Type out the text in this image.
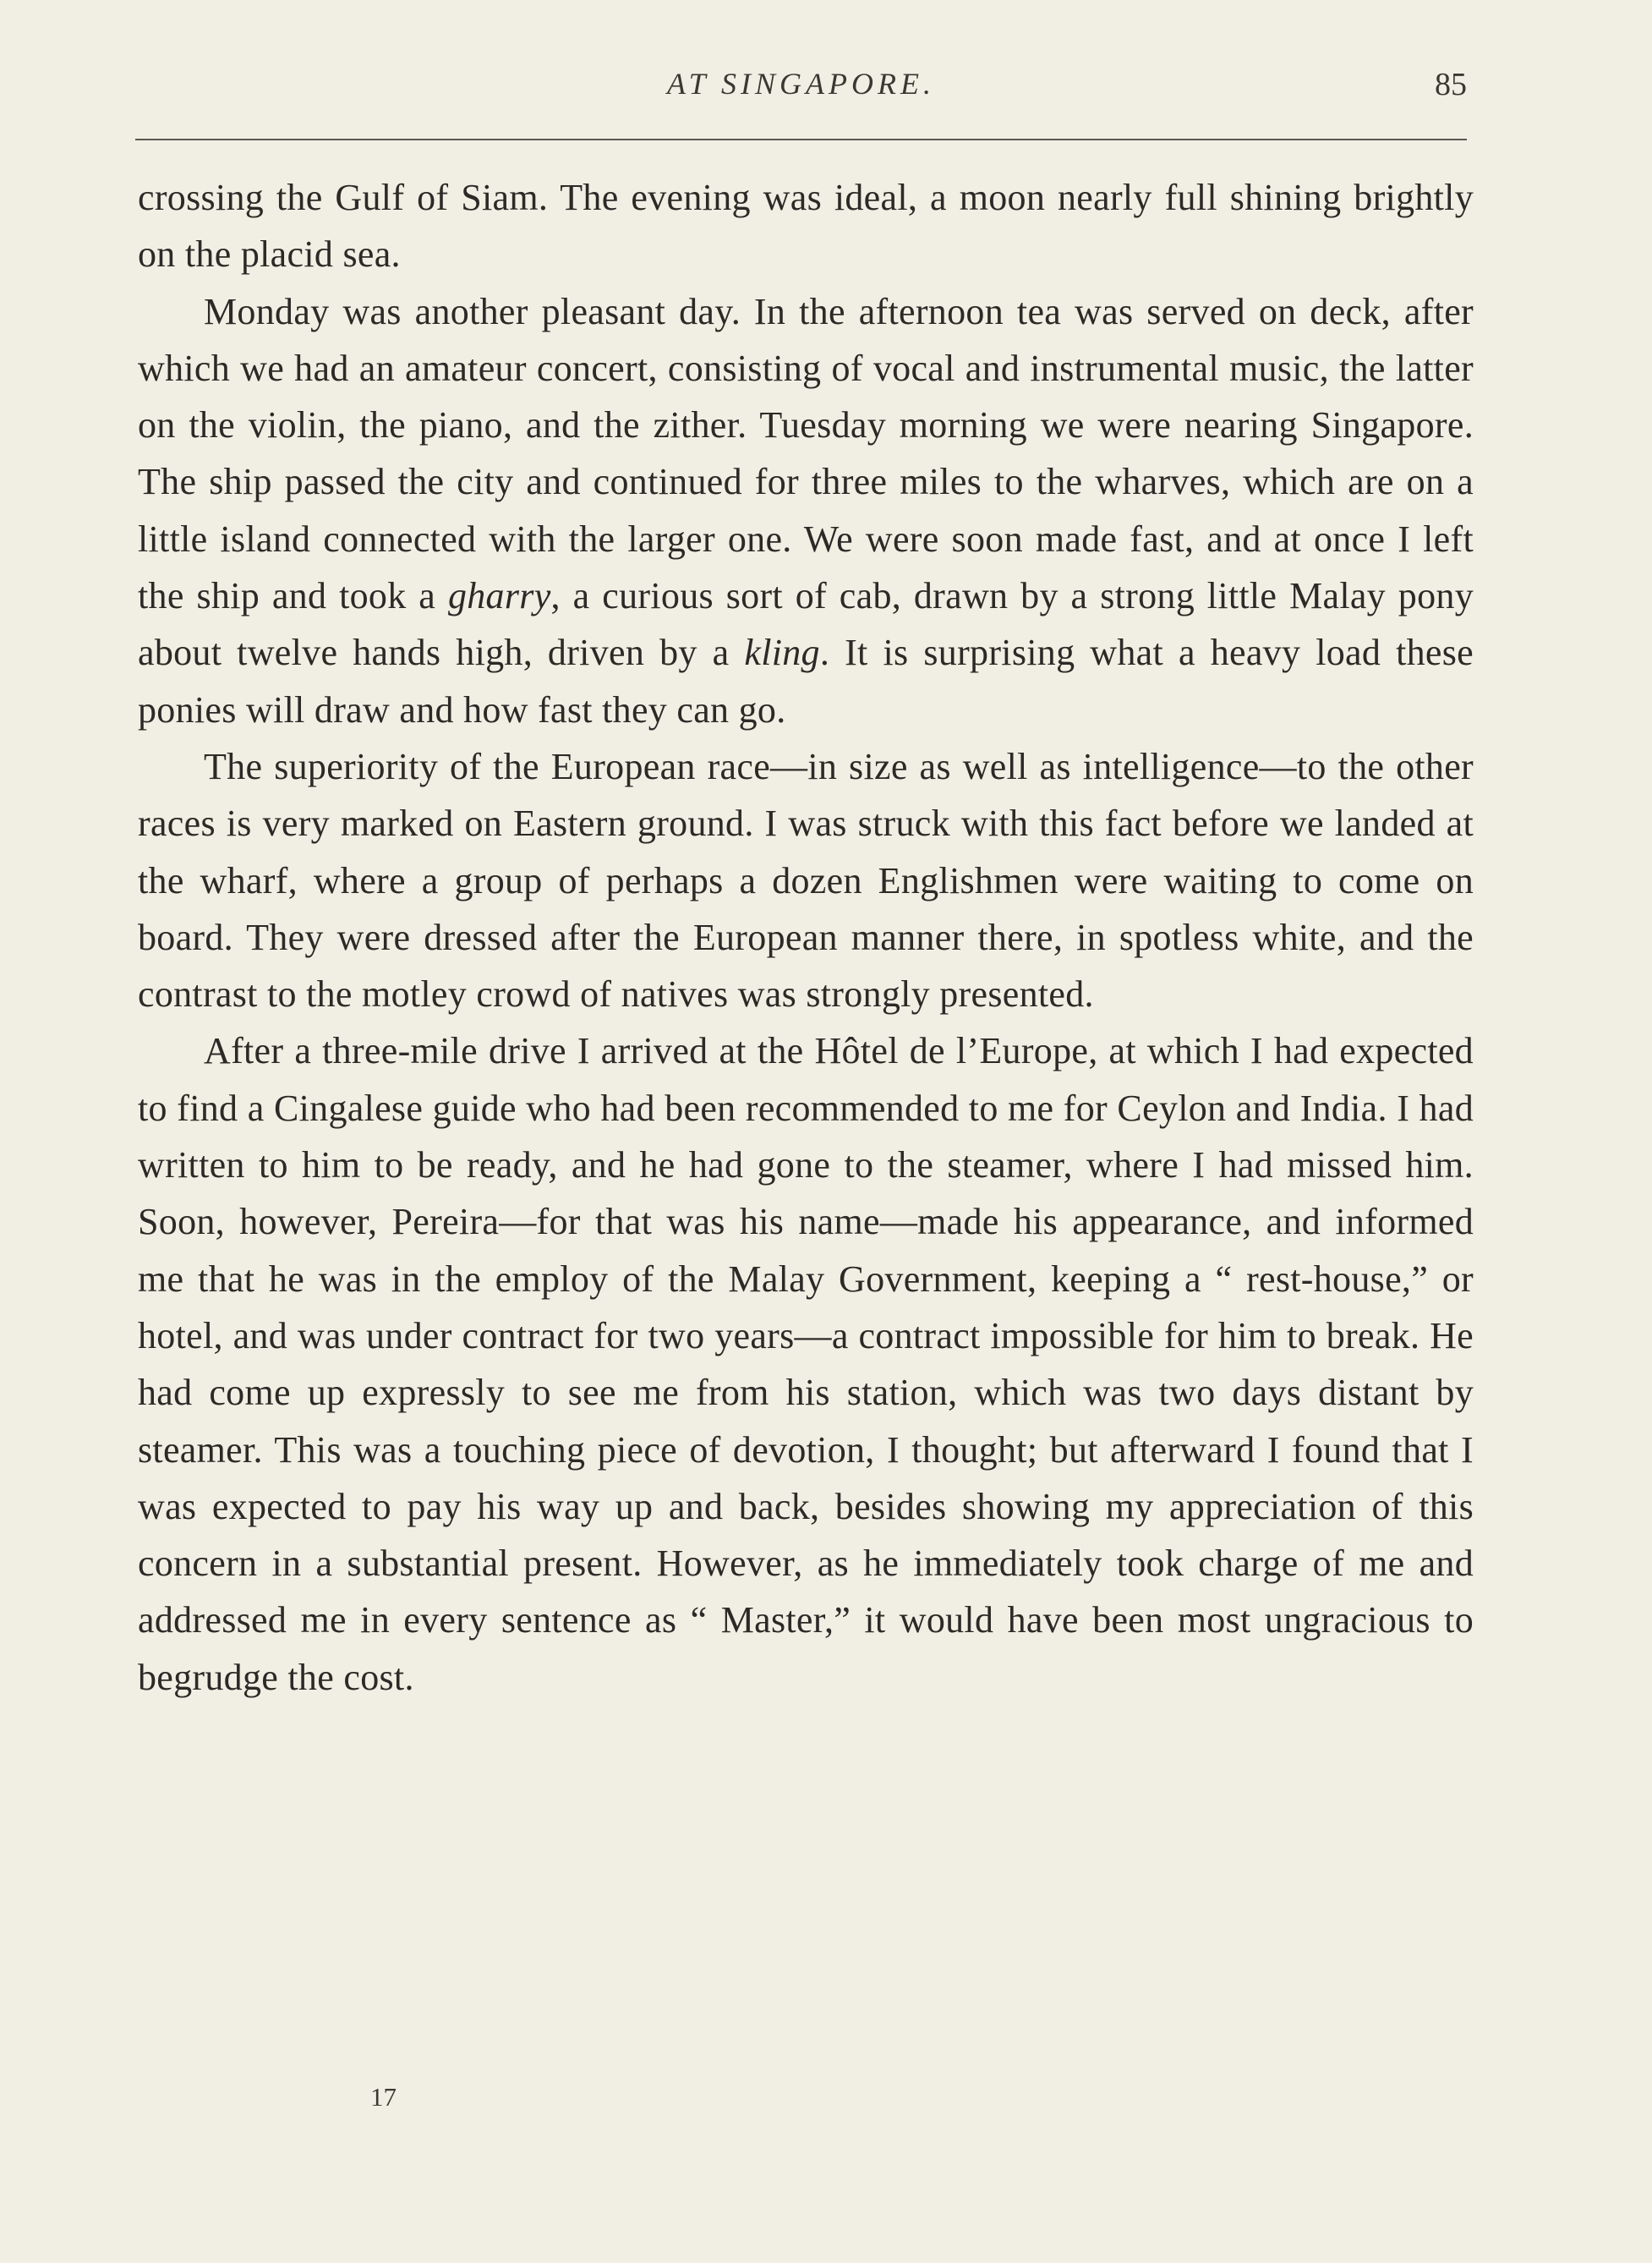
AT SINGAPORE.	85

crossing the Gulf of Siam. The evening was ideal, a moon nearly full shining brightly on the placid sea.

Monday was another pleasant day. In the afternoon tea was served on deck, after which we had an amateur concert, consisting of vocal and instrumental music, the latter on the violin, the piano, and the zither. Tuesday morning we were nearing Singapore. The ship passed the city and continued for three miles to the wharves, which are on a little island connected with the larger one. We were soon made fast, and at once I left the ship and took a gharry, a curious sort of cab, drawn by a strong little Malay pony about twelve hands high, driven by a kling. It is surprising what a heavy load these ponies will draw and how fast they can go.

The superiority of the European race—in size as well as intelligence—to the other races is very marked on Eastern ground. I was struck with this fact before we landed at the wharf, where a group of perhaps a dozen Englishmen were waiting to come on board. They were dressed after the European manner there, in spotless white, and the contrast to the motley crowd of natives was strongly presented.

After a three-mile drive I arrived at the Hôtel de l’Europe, at which I had expected to find a Cingalese guide who had been recommended to me for Ceylon and India. I had written to him to be ready, and he had gone to the steamer, where I had missed him. Soon, however, Pereira—for that was his name—made his appearance, and informed me that he was in the employ of the Malay Government, keeping a “ rest-house,” or hotel, and was under contract for two years—a contract impossible for him to break. He had come up expressly to see me from his station, which was two days distant by steamer. This was a touching piece of devotion, I thought; but afterward I found that I was expected to pay his way up and back, besides showing my appreciation of this concern in a substantial present. However, as he immediately took charge of me and addressed me in every sentence as “ Master,” it would have been most ungracious to begrudge the cost.

17
